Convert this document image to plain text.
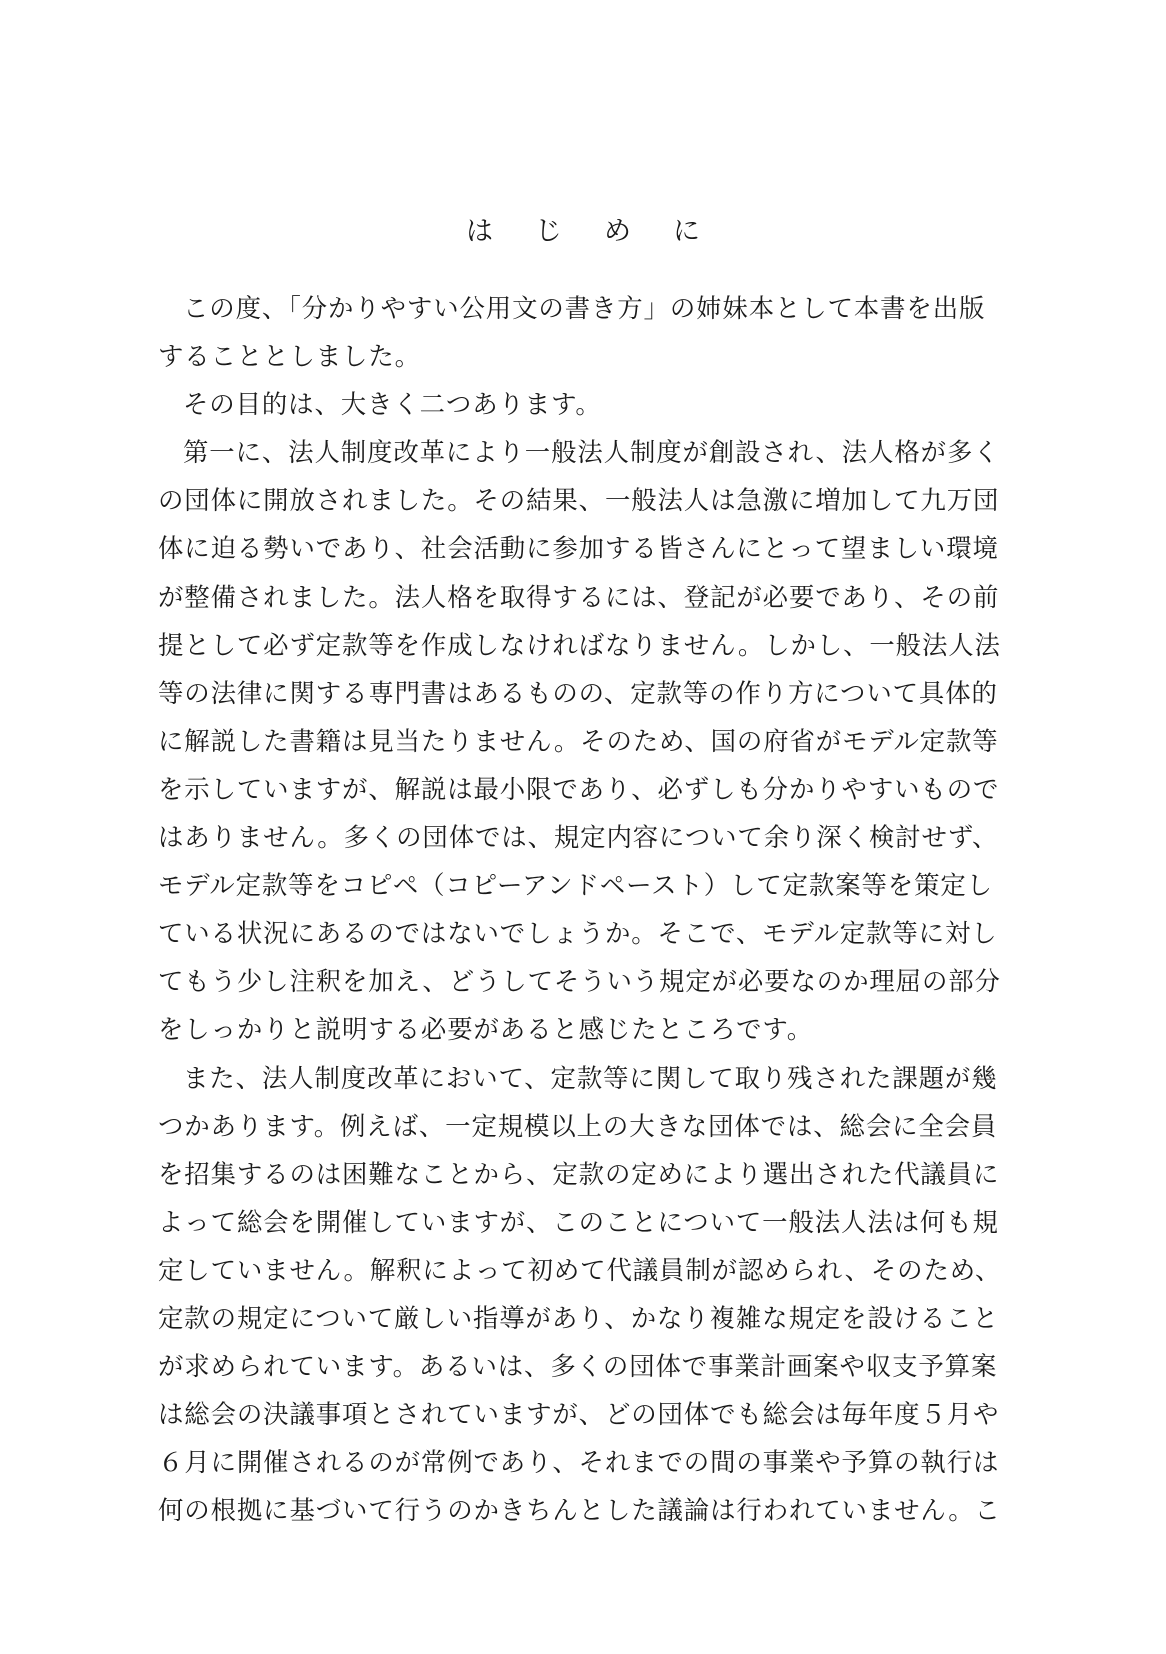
は じ め に
この度、「分かりやすい公用文の書き方」の姉妹本として本書を出版
することとしました。
その目的は、大きく二つあります。
第一に、法人制度改革により一般法人制度が創設され、法人格が多く
の団体に開放されました。その結果、一般法人は急激に増加して九万団
体に迫る勢いであり、社会活動に参加する皆さんにとって望ましい環境
が整備されました。法人格を取得するには、登記が必要であり、その前
提として必ず定款等を作成しなければなりません。しかし、一般法人法
等の法律に関する専門書はあるものの、定款等の作り方について具体的
に解説した書籍は見当たりません。そのため、国の府省がモデル定款等
を示していますが、解説は最小限であり、必ずしも分かりやすいもので
はありません。多くの団体では、規定内容について余り深く検討せず、
モデル定款等をコピペ（コピーアンドペースト）して定款案等を策定し
ている状況にあるのではないでしょうか。そこで、モデル定款等に対し
てもう少し注釈を加え、どうしてそういう規定が必要なのか理屈の部分
をしっかりと説明する必要があると感じたところです。
また、法人制度改革において、定款等に関して取り残された課題が幾
つかあります。例えば、一定規模以上の大きな団体では、総会に全会員
を招集するのは困難なことから、定款の定めにより選出された代議員に
よって総会を開催していますが、このことについて一般法人法は何も規
定していません。解釈によって初めて代議員制が認められ、そのため、
定款の規定について厳しい指導があり、かなり複雑な規定を設けること
が求められています。あるいは、多くの団体で事業計画案や収支予算案
は総会の決議事項とされていますが、どの団体でも総会は毎年度５月や
６月に開催されるのが常例であり、それまでの間の事業や予算の執行は
何の根拠に基づいて行うのかきちんとした議論は行われていません。こ
